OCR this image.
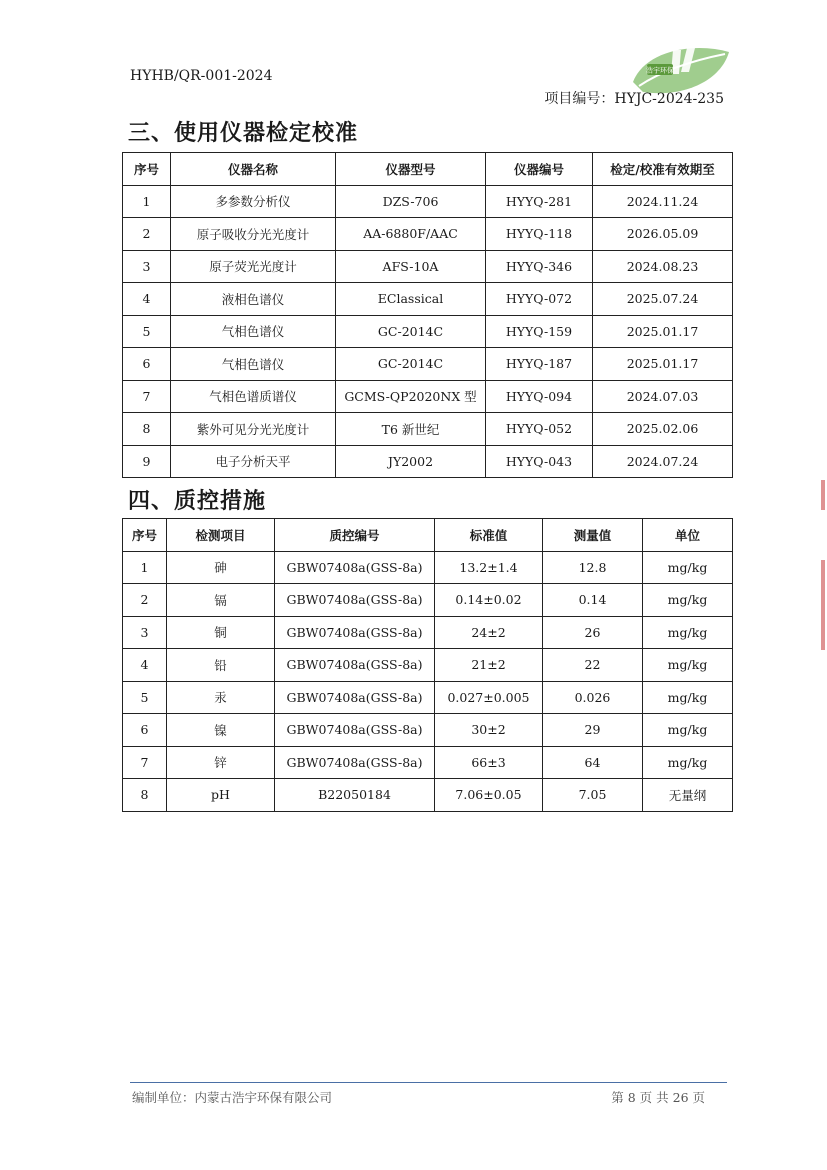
HYHB/QR-001-2024	浩宇环保
项目编号：HYJC-2024-235
三、使用仪器检定校准
序号	仪器名称	仪器型号	仪器编号	检定/校准有效期至
1	多参数分析仪	DZS-706	HYYQ-281	2024.11.24
2	原子吸收分光光度计	AA-6880F/AAC	HYYQ-118	2026.05.09
3	原子荧光光度计	AFS-10A	HYYQ-346	2024.08.23
4	液相色谱仪	EClassical	HYYQ-072	2025.07.24
5	气相色谱仪	GC-2014C	HYYQ-159	2025.01.17
6	气相色谱仪	GC-2014C	HYYQ-187	2025.01.17
7	气相色谱质谱仪	GCMS-QP2020NX 型	HYYQ-094	2024.07.03
8	紫外可见分光光度计	T6 新世纪	HYYQ-052	2025.02.06
9	电子分析天平	JY2002	HYYQ-043	2024.07.24
四、质控措施
序号	检测项目	质控编号	标准值	测量值	单位
1	砷	GBW07408a(GSS-8a)	13.2±1.4	12.8	mg/kg
2	镉	GBW07408a(GSS-8a)	0.14±0.02	0.14	mg/kg
3	铜	GBW07408a(GSS-8a)	24±2	26	mg/kg
4	铅	GBW07408a(GSS-8a)	21±2	22	mg/kg
5	汞	GBW07408a(GSS-8a)	0.027±0.005	0.026	mg/kg
6	镍	GBW07408a(GSS-8a)	30±2	29	mg/kg
7	锌	GBW07408a(GSS-8a)	66±3	64	mg/kg
8	pH	B22050184	7.06±0.05	7.05	无量纲
编制单位：内蒙古浩宇环保有限公司	第 8 页 共 26 页
